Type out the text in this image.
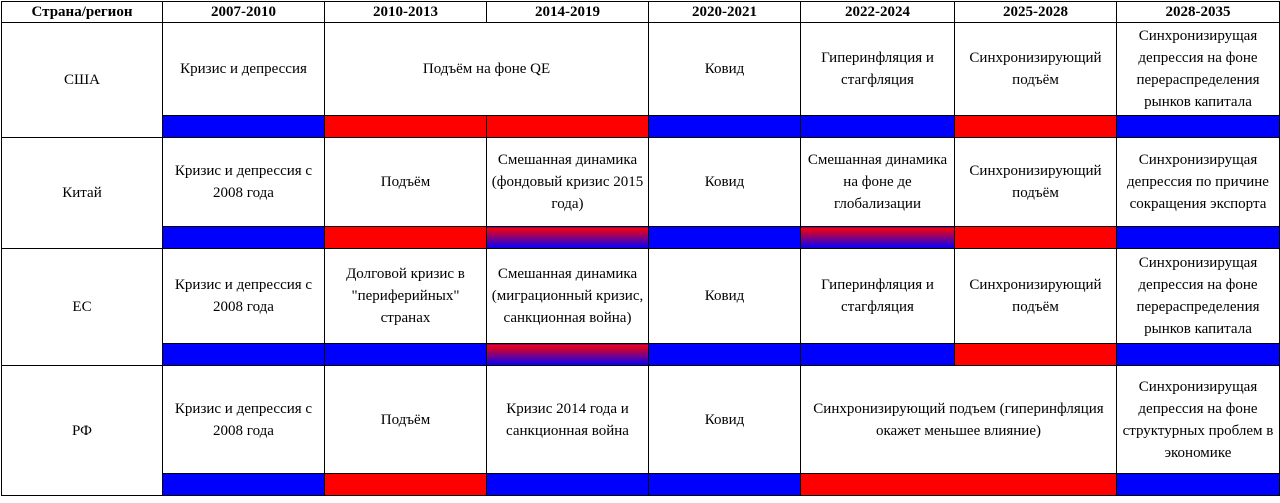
Страна/регион	2007-2010	2010-2013	2014-2019	2020-2021	2022-2024	2025-2028	2028-2035
США	Кризис и депрессия	Подъём на фоне QE		Ковид	Гиперинфляция и стагфляция	Синхронизирующий подъём	Синхронизирущая депрессия на фоне перераспределения рынков капитала

Китай	Кризис и депрессия с 2008 года	Подъём	Смешанная динамика (фондовый кризис 2015 года)	Ковид	Смешанная динамика на фоне де глобализации	Синхронизирующий подъём	Синхронизирущая депрессия по причине сокращения экспорта

ЕС	Кризис и депрессия с 2008 года	Долговой кризис в "периферийных" странах	Смешанная динамика (миграционный кризис, санкционная война)	Ковид	Гиперинфляция и стагфляция	Синхронизирующий подъём	Синхронизирущая депрессия на фоне перераспределения рынков капитала

РФ	Кризис и депрессия с 2008 года	Подъём	Кризис 2014 года и санкционная война	Ковид	Синхронизирующий подъем (гиперинфляция окажет меньшее влияние)		Синхронизирущая депрессия на фоне структурных проблем в экономике
